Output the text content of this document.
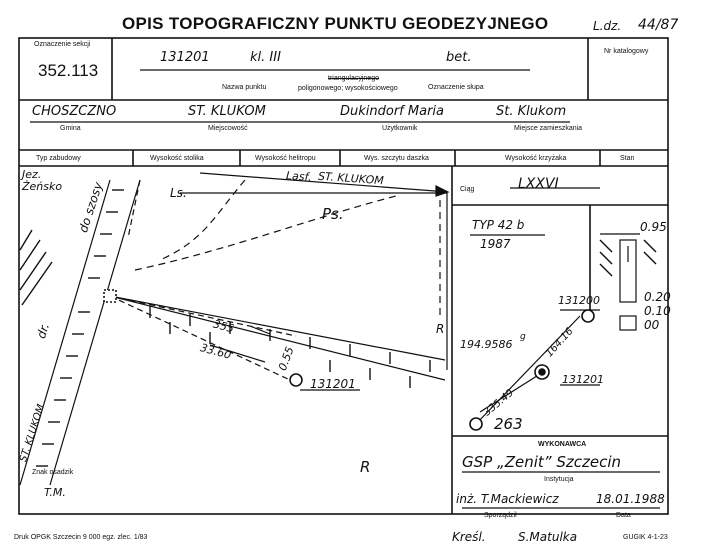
OPIS TOPOGRAFICZNY PUNKTU GEODEZYJNEGO	L.dz. 44/87
Oznaczenie sekcji
352.113
131201	kl. III	bet.
Nazwa punktu
triangulacyjnego
poligonowego; wysokościowego	Oznaczenie słupa
Nr katalogowy
CHOSZCZNO
Gmina
ST. KLUKOM
Miejscowość
Dukindorf Maria
Użytkownik
St. Klukom
Miejsce zamieszkania
Typ zabudowy	Wysokość stolika	Wysokość helitropu	Wys. szczytu daszka	Wysokość krzyżaka	Stan
Jez.
Żeńsko	Ls.
Ps.
Lasf. ST. KLUKOM
do szosy
dr.	355
33.60	0.55
131201
R
R
ST. KLUKOM
Znak osadzik
T.M.
Ciąg	LXXVI
TYP 42 b
1987
0.95
0.20
0.10
00
194.9586
g
131200
131201
263
164.16
335.49
WYKONAWCA
GSP „Zenit” Szczecin
Instytucja
inż. T.Mackiewicz	18.01.1988
Sporządził	Data
Kreśl.	S.Matulka
Druk OPGK Szczecin 9 000 egz. zlec. 1/83	GUGIK 4-1-23
